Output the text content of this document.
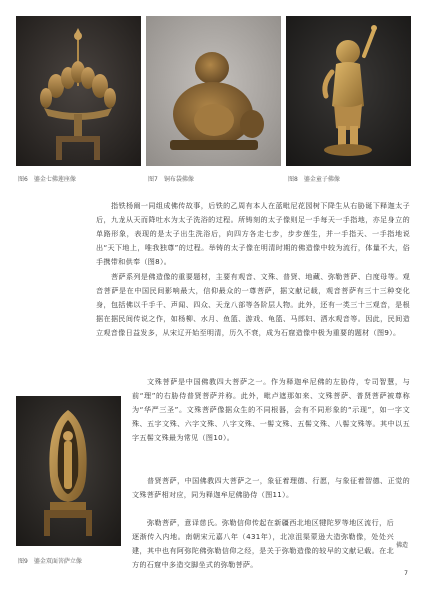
图6　鎏金七佛莲座像	图7　铜布袋佛像	图8　鎏金童子佛像

指铁杨阐一同组成佛传故事，后铁的乙周有本人在蓝毗尼花园树下降生从右胁诞下释迦太子后，九龙从天而降吐水为太子洗浴的过程。所铸刻的太子像则足一手每天一手指地，亦足身立的单路形象，表现的是太子出生洗浴后，向四方各走七步，步步莲生，并一手指天、一手指地说出“天下地上，唯我独尊”的过程。举铸的太子像在明清时期的佛造像中较为流行，体量不大，俗手携带和供奉（图8）。

菩萨系列是佛造像的重要题材，主要有观音、文殊、普贤、地藏、弥勒菩萨、白度母等。观音菩萨是在中国民间影响最大，信仰最众的一尊菩萨，据文献记载，观音菩萨有三十三种变化身，包括佛以千手千、声闻、四众、天龙八部等各阶层人物。此外，还有一类三十三观音，是根据在据民间传说之作，如杨柳、水月、鱼篮、游戏、龟篮、马郎妇、洒水观音等。因此，民间造立观音像日益发多，从宋辽开始至明清，历久不衰，成为石窟造像中极为重要的题材（图9）。

图9　鎏金双面菩萨立像

文殊菩萨是中国佛教四大菩萨之一。作为释迦牟尼佛的左胁侍，专司智慧，与前“理”的右胁侍普贤菩萨并称。此外，毗卢遮那如来、文殊菩萨、普贤菩萨被尊称为“华严三圣”。文殊菩萨像据众生的不同根器，会有不同形象的“示现”，如一字文殊、五字文殊、六字文殊、八字文殊、一髻文殊、五髻文殊、八髻文殊等。其中以五字五髻文殊最为常见（图10）。

普贤菩萨，中国佛教四大菩萨之一，象征着理德、行愿，与象征着智德、正觉的文殊菩萨相对应，同为释迦牟尼佛胁侍（图11）。

弥勒菩萨，意译慈氏。弥勒信仰传起在新疆西北地区犍陀罗等地区流行，后逐渐传入内地。南朝宋元嘉八年（431年），北凉沮渠蒙逊大造弥勒像，处处兴建，其中也有阿弥陀佛弥勒信仰之经，是关于弥勒造像的较早的文献记载。在北方的石窟中多造交脚坐式的弥勒菩萨。

佛造
7
